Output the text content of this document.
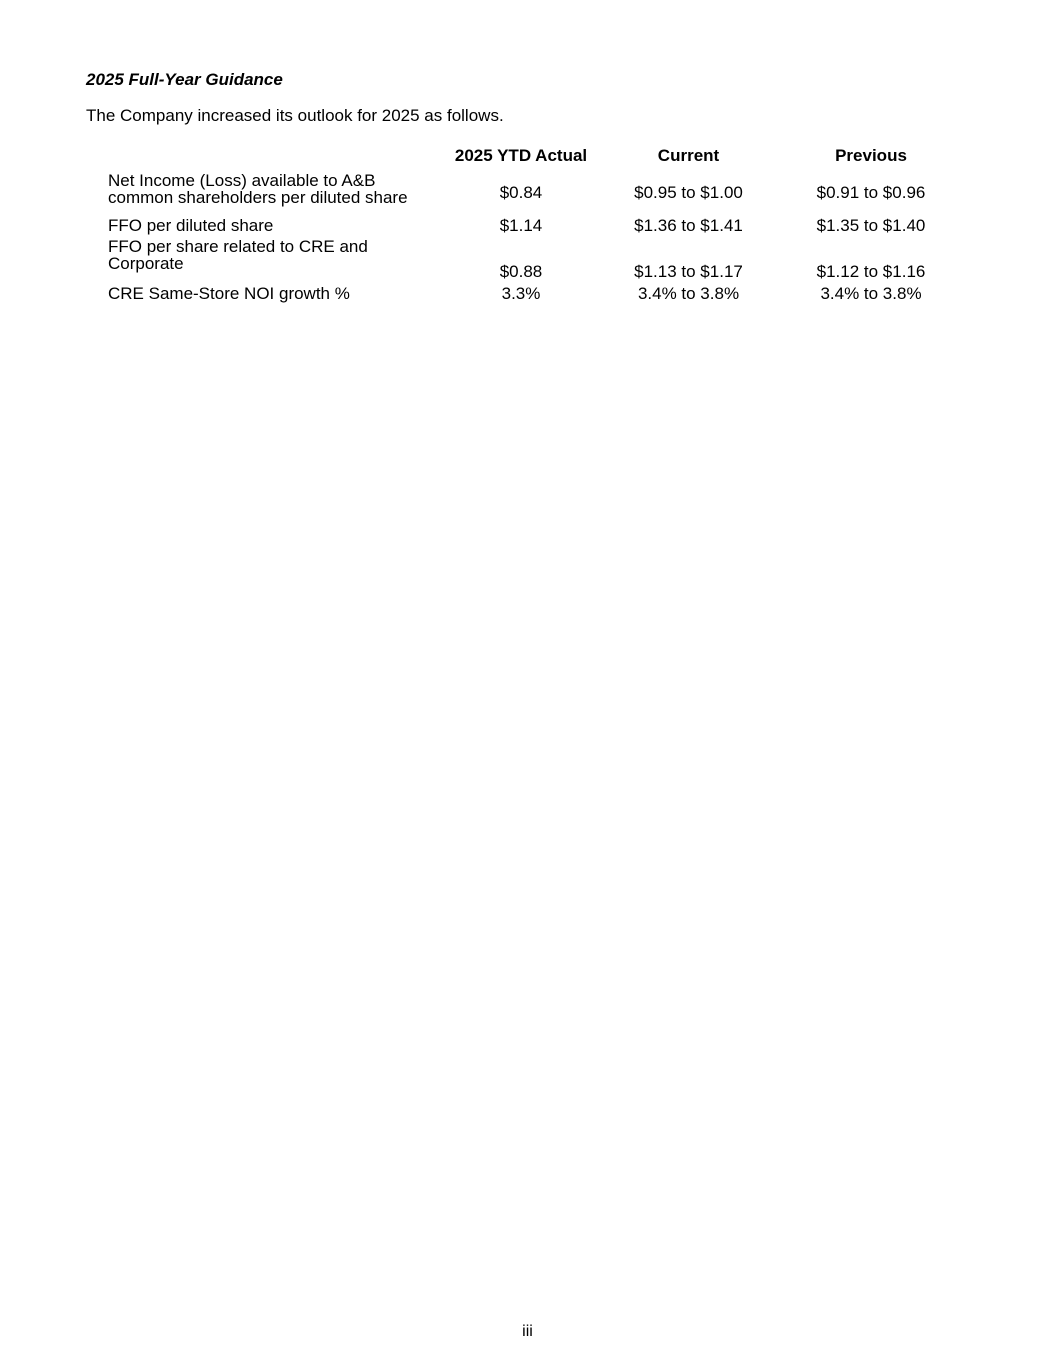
2025 Full-Year Guidance

The Company increased its outlook for 2025 as follows.

	2025 YTD Actual	Current	Previous

Net Income (Loss) available to A&B
common shareholders per diluted share	$0.84	$0.95 to $1.00	$0.91 to $0.96

FFO per diluted share	$1.14	$1.36 to $1.41	$1.35 to $1.40

FFO per share related to CRE and
Corporate	$0.88	$1.13 to $1.17	$1.12 to $1.16

CRE Same-Store NOI growth %	3.3%	3.4% to 3.8%	3.4% to 3.8%
iii
